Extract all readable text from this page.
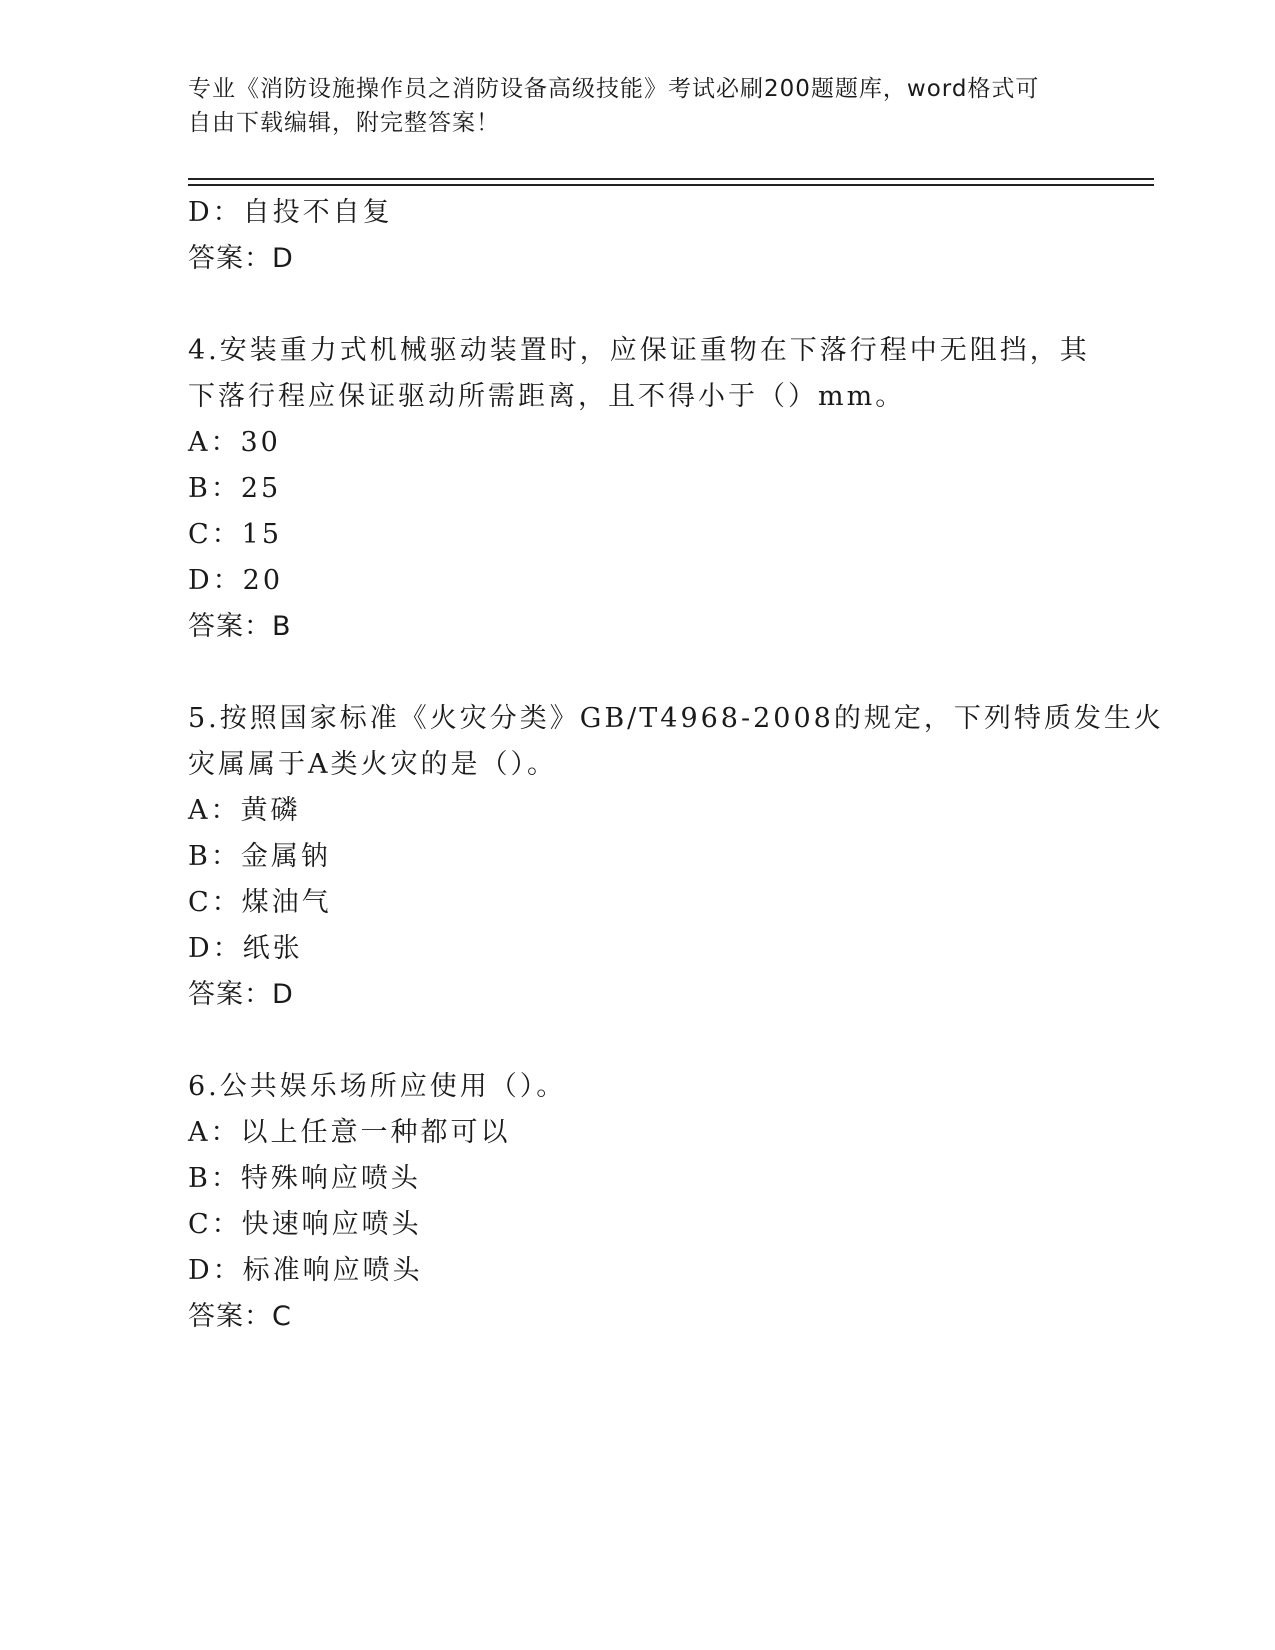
专业《消防设施操作员之消防设备高级技能》考试必刷200题题库，word格式可
自由下载编辑，附完整答案！
D：自投不自复
答案：D
4.安装重力式机械驱动装置时，应保证重物在下落行程中无阻挡，其
下落行程应保证驱动所需距离，且不得小于（）mm。
A：30
B：25
C：15
D：20
答案：B
5.按照国家标准《火灾分类》GB/T4968-2008的规定，下列特质发生火
灾属属于A类火灾的是（）。
A：黄磷
B：金属钠
C：煤油气
D：纸张
答案：D
6.公共娱乐场所应使用（）。
A：以上任意一种都可以
B：特殊响应喷头
C：快速响应喷头
D：标准响应喷头
答案：C
